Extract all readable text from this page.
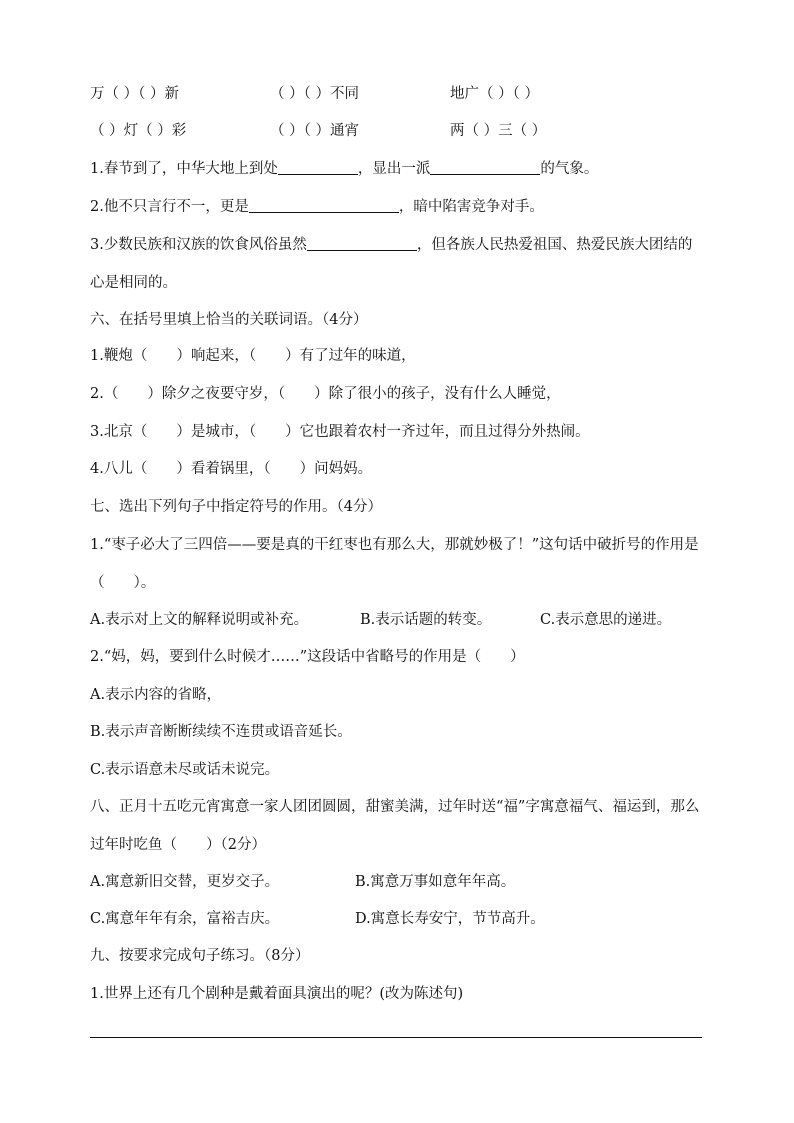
万（ ）（ ）新	（ ）（ ）不同	地广（ ）（ ）
（ ）灯（ ）彩	（ ）（ ）通宵	两（ ）三（ ）
1.春节到了，中华大地上到处	，显出一派	的气象。
2.他不只言行不一，更是	，暗中陷害竞争对手。
3.少数民族和汉族的饮食风俗虽然	，但各族人民热爱祖国、热爱民族大团结的心是相同的。
六、在括号里填上恰当的关联词语。（4分）
1.鞭炮（　　）响起来，（　　）有了过年的味道，
2.（　　）除夕之夜要守岁，（　　）除了很小的孩子，没有什么人睡觉，
3.北京（　　）是城市，（　　）它也跟着农村一齐过年，而且过得分外热闹。
4.八儿（　　）看着锅里，（　　）问妈妈。
七、选出下列句子中指定符号的作用。（4分）
1.“枣子必大了三四倍——要是真的干红枣也有那么大，那就妙极了！”这句话中破折号的作用是（　　）。
A.表示对上文的解释说明或补充。	B.表示话题的转变。	C.表示意思的递进。
2.“妈，妈，要到什么时候才……”这段话中省略号的作用是（　　）
A.表示内容的省略，
B.表示声音断断续续不连贯或语音延长。
C.表示语意未尽或话未说完。
八、正月十五吃元宵寓意一家人团团圆圆，甜蜜美满，过年时送“福”字寓意福气、福运到，那么过年时吃鱼（　　）（2分）
A.寓意新旧交替，更岁交子。	B.寓意万事如意年年高。
C.寓意年年有余，富裕吉庆。	D.寓意长寿安宁，节节高升。
九、按要求完成句子练习。（8分）
1.世界上还有几个剧种是戴着面具演出的呢？(改为陈述句)
